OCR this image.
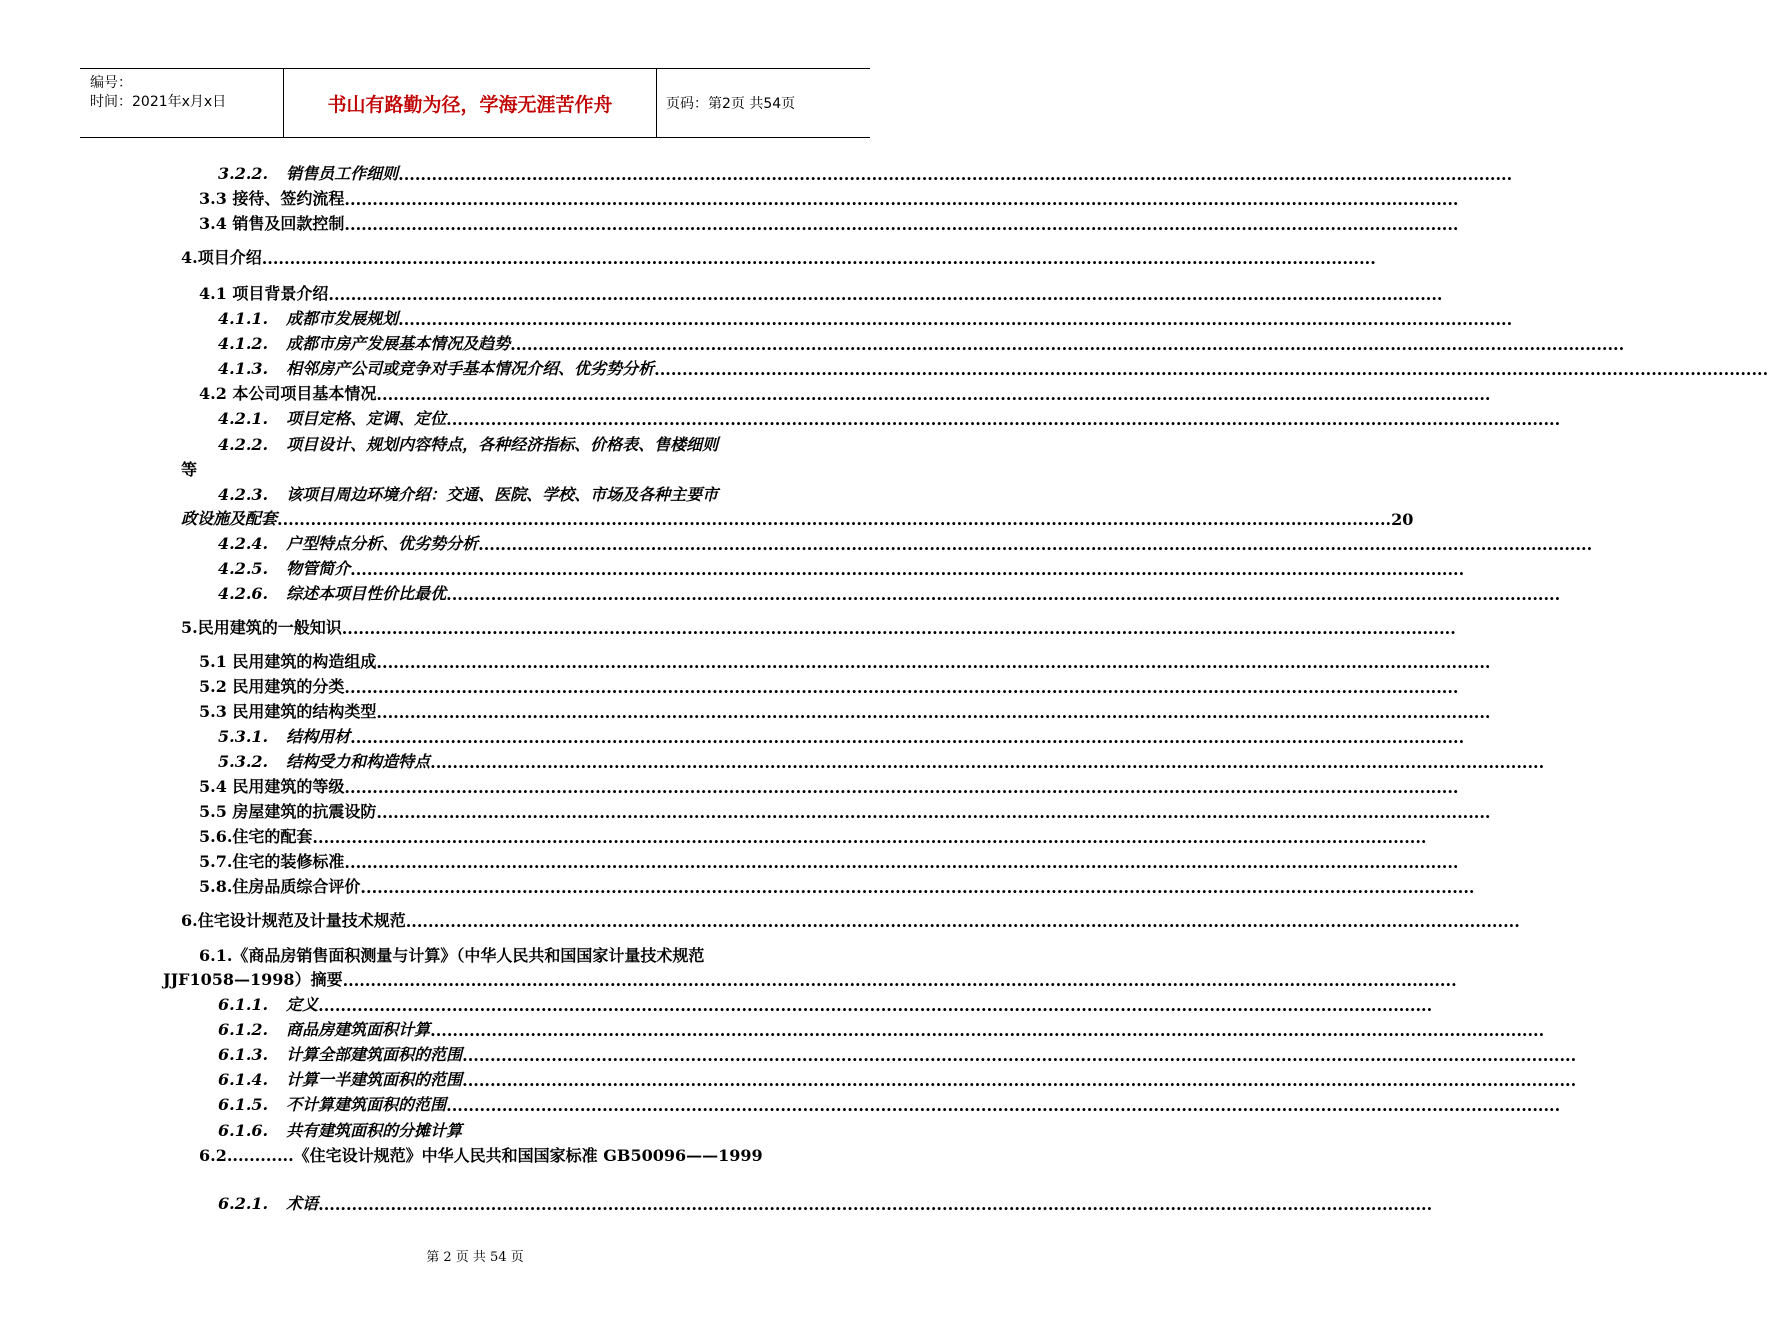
编号：
时间：2021年x月x日	书山有路勤为径，学海无涯苦作舟	页码：第2页 共54页
3.2.2. 销售员工作细则 ........................................................................................................................................................................................................
3.3 接待、签约流程 ........................................................................................................................................................................................................
3.4 销售及回款控制 ........................................................................................................................................................................................................
4.项目介绍 ........................................................................................................................................................................................................
4.1 项目背景介绍 ........................................................................................................................................................................................................
4.1.1. 成都市发展规划 ........................................................................................................................................................................................................
4.1.2. 成都市房产发展基本情况及趋势 ........................................................................................................................................................................................................
4.1.3. 相邻房产公司或竞争对手基本情况介绍、优劣势分析 ........................................................................................................................................................................................................
4.2 本公司项目基本情况 ........................................................................................................................................................................................................
4.2.1. 项目定格、定调、定位 ........................................................................................................................................................................................................
4.2.2. 项目设计、规划内容特点，各种经济指标、价格表、售楼细则
等
4.2.3. 该项目周边环境介绍：交通、医院、学校、市场及各种主要市
政设施及配套 ........................................................................................................................................................................................................ 20
4.2.4. 户型特点分析、优劣势分析 ........................................................................................................................................................................................................
4.2.5. 物管简介 ........................................................................................................................................................................................................
4.2.6. 综述本项目性价比最优 ........................................................................................................................................................................................................
5.民用建筑的一般知识 ........................................................................................................................................................................................................
5.1 民用建筑的构造组成 ........................................................................................................................................................................................................
5.2 民用建筑的分类 ........................................................................................................................................................................................................
5.3 民用建筑的结构类型 ........................................................................................................................................................................................................
5.3.1. 结构用材 ........................................................................................................................................................................................................
5.3.2. 结构受力和构造特点 ........................................................................................................................................................................................................
5.4 民用建筑的等级 ........................................................................................................................................................................................................
5.5 房屋建筑的抗震设防 ........................................................................................................................................................................................................
5.6.住宅的配套 ........................................................................................................................................................................................................
5.7.住宅的装修标准 ........................................................................................................................................................................................................
5.8.住房品质综合评价 ........................................................................................................................................................................................................
6.住宅设计规范及计量技术规范 ........................................................................................................................................................................................................
6.1.《商品房销售面积测量与计算》（中华人民共和国国家计量技术规范
JJF1058—1998）摘要 ........................................................................................................................................................................................................
6.1.1. 定义 ........................................................................................................................................................................................................
6.1.2. 商品房建筑面积计算 ........................................................................................................................................................................................................
6.1.3. 计算全部建筑面积的范围 ........................................................................................................................................................................................................
6.1.4. 计算一半建筑面积的范围 ........................................................................................................................................................................................................
6.1.5. 不计算建筑面积的范围 ........................................................................................................................................................................................................
6.1.6. 共有建筑面积的分摊计算
6.2............《住宅设计规范》中华人民共和国国家标准 GB50096——1999
6.2.1. 术语 ........................................................................................................................................................................................................
第 2 页 共 54 页
